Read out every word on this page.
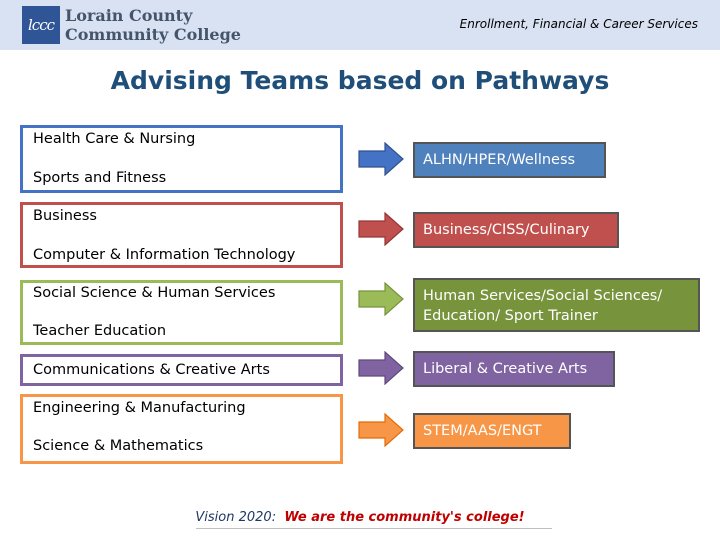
lccc Lorain County
Community College
Enrollment, Financial & Career Services
Advising Teams based on Pathways
Health Care & Nursing
Sports and Fitness
Business
Computer & Information Technology
Social Science & Human Services
Teacher Education
Communications & Creative Arts
Engineering & Manufacturing
Science & Mathematics
ALHN/HPER/Wellness
Business/CISS/Culinary
Human Services/Social Sciences/ Education/ Sport Trainer
Liberal & Creative Arts
STEM/AAS/ENGT
Vision 2020: We are the community's college!
